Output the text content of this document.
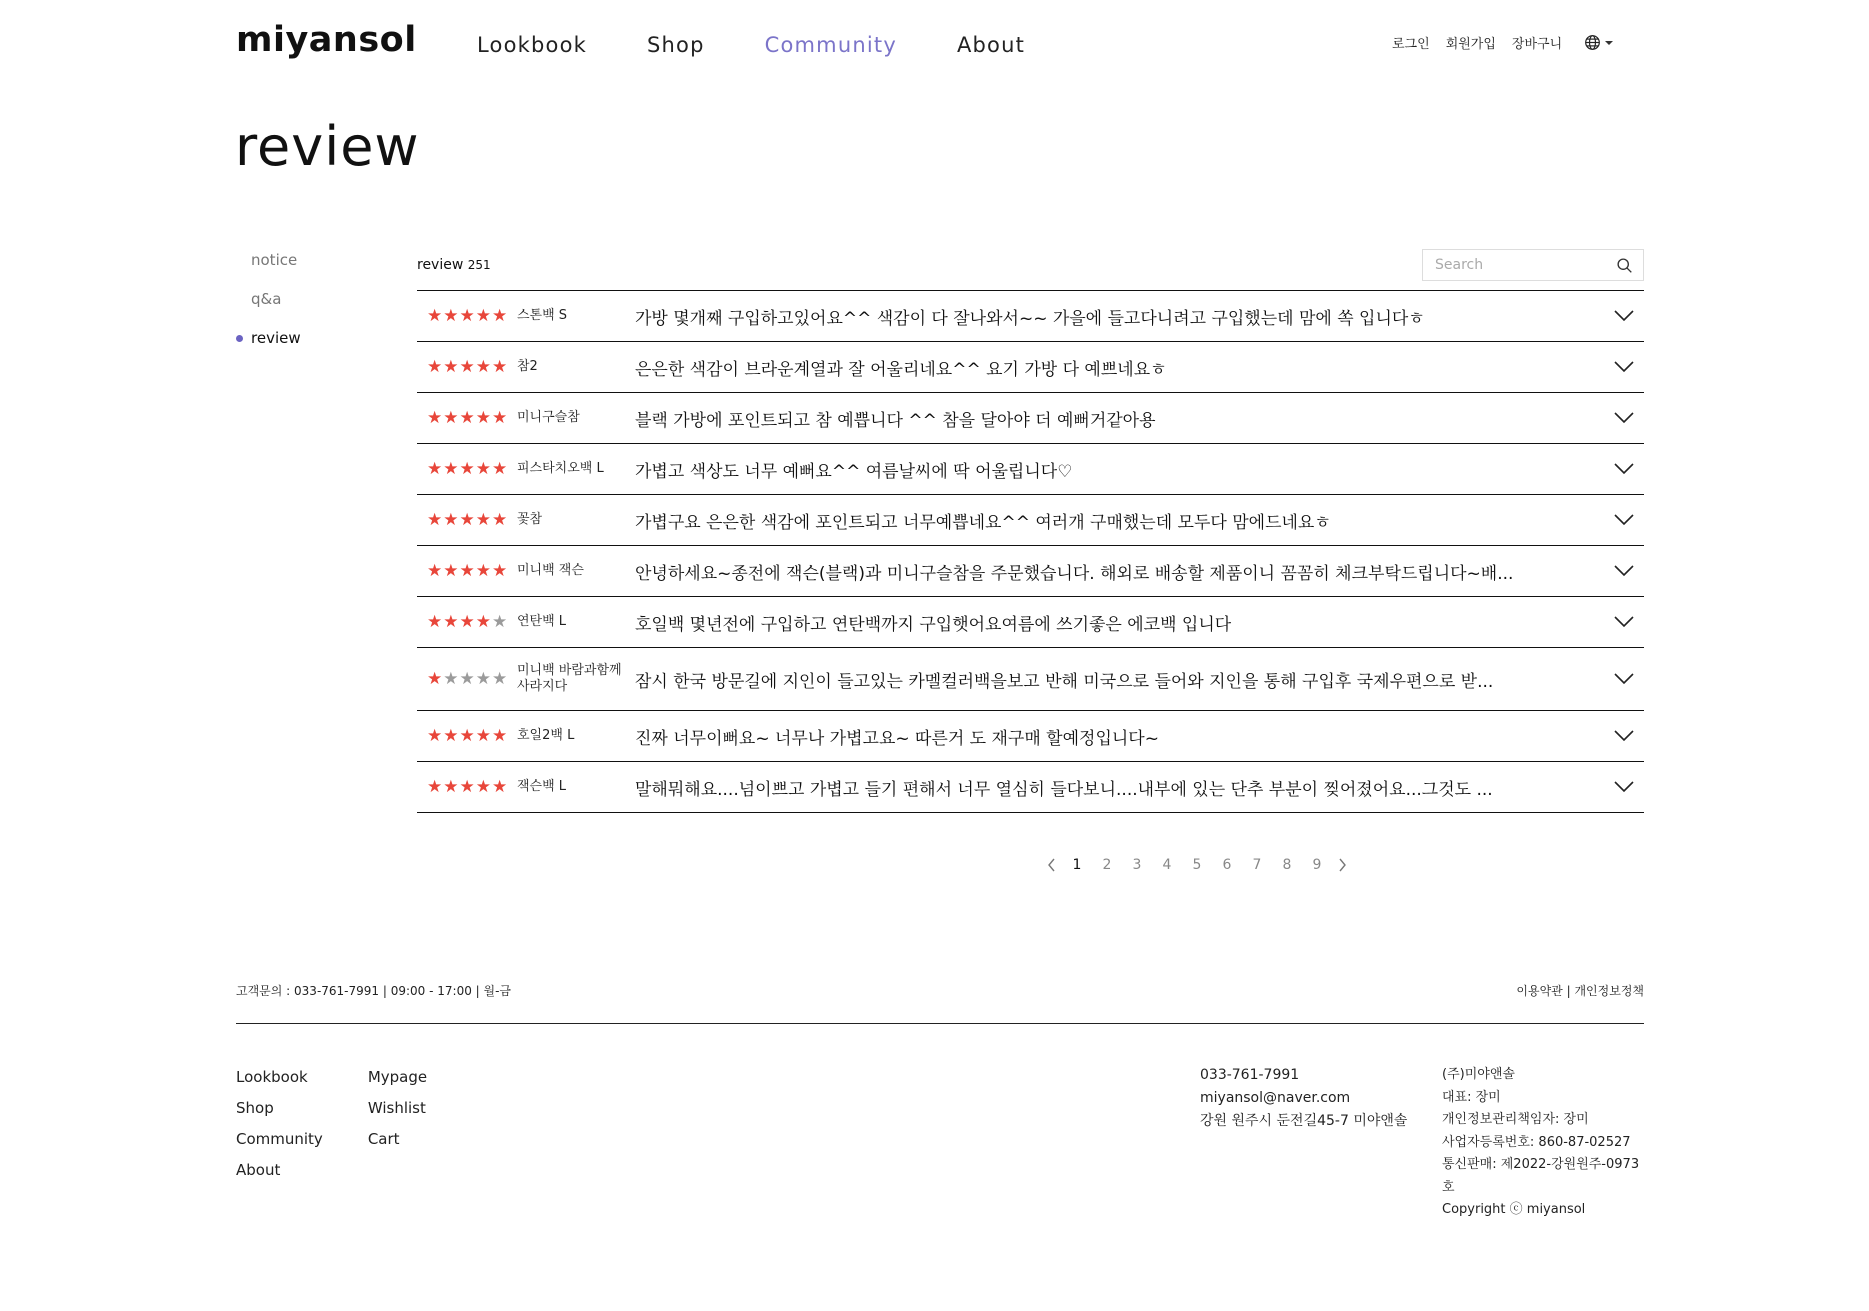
miyansol	Lookbook	Shop	Community	About	로그인 회원가입 장바구니
review
notice
q&a
review
review 251
Search
★ ★ ★ ★ ★ 스톤백 S	가방 몇개째 구입하고있어요^^ 색감이 다 잘나와서~~ 가을에 들고다니려고 구입했는데 맘에 쏙 입니다ㅎ
★ ★ ★ ★ ★ 참2	은은한 색감이 브라운계열과 잘 어울리네요^^ 요기 가방 다 예쁘네요ㅎ
★ ★ ★ ★ ★ 미니구슬참	블랙 가방에 포인트되고 참 예쁩니다 ^^ 참을 달아야 더 예뻐거같아용
★ ★ ★ ★ ★ 피스타치오백 L	가볍고 색상도 너무 예뻐요^^ 여름날씨에 딱 어울립니다♡
★ ★ ★ ★ ★ 꽃참	가볍구요 은은한 색감에 포인트되고 너무예쁩네요^^ 여러개 구매했는데 모두다 맘에드네요ㅎ
★ ★ ★ ★ ★ 미니백 잭슨	안녕하세요~종전에 잭슨(블랙)과 미니구슬참을 주문했습니다. 해외로 배송할 제품이니 꼼꼼히 체크부탁드립니다~배...
★ ★ ★ ★ ★ 연탄백 L	호일백 몇년전에 구입하고 연탄백까지 구입햇어요여름에 쓰기좋은 에코백 입니다
★ ★ ★ ★ ★ 미니백 바람과함께사라지다	잠시 한국 방문길에 지인이 들고있는 카멜컬러백을보고 반해 미국으로 들어와 지인을 통해 구입후 국제우편으로 받...
★ ★ ★ ★ ★ 호일2백 L	진짜 너무이뻐요~ 너무나 가볍고요~ 따른거 도 재구매 할예정입니다~
★ ★ ★ ★ ★ 잭슨백 L	말해뭐해요....넘이쁘고 가볍고 들기 편해서 너무 열심히 들다보니....내부에 있는 단추 부분이 찢어졌어요...그것도 ...
1 2 3 4 5 6 7 8 9
고객문의 : 033-761-7991 | 09:00 - 17:00 | 월-금	이용약관 | 개인정보정책
Lookbook
Shop
Community
About
Mypage
Wishlist
Cart
033-761-7991
miyansol@naver.com
강원 원주시 둔전길45-7 미야앤솔
(주)미야앤솔
대표: 장미
개인정보관리책임자: 장미
사업자등록번호: 860-87-02527
통신판매: 제2022-강원원주-0973호
Copyright ⓒ miyansol
